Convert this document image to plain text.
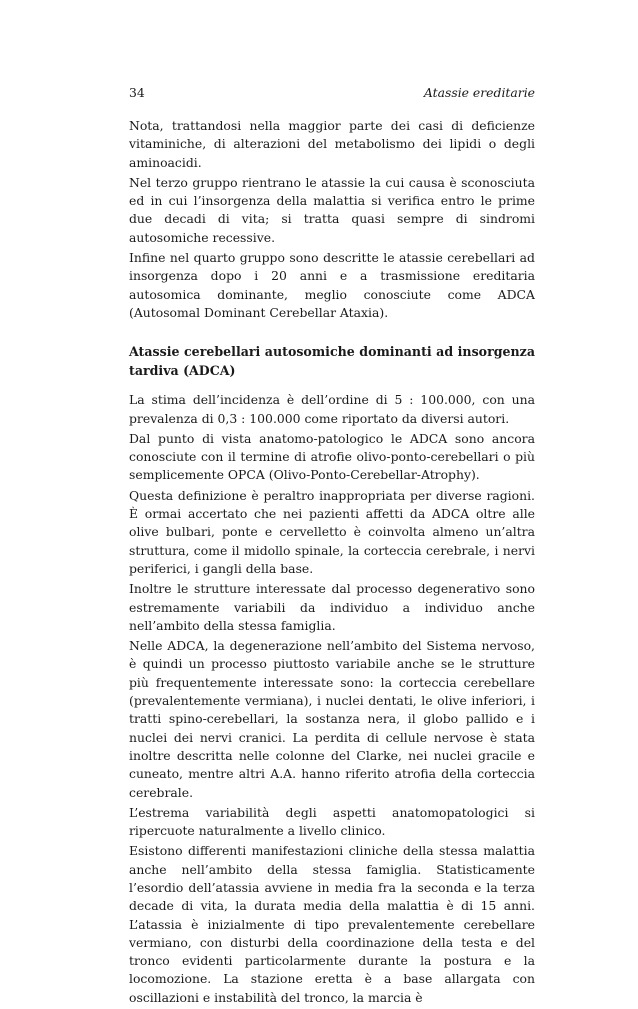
34	Atassie ereditarie

Nota, trattandosi nella maggior parte dei casi di deficienze vitaminiche, di alterazioni del metabolismo dei lipidi o degli aminoacidi.

Nel terzo gruppo rientrano le atassie la cui causa è sconosciuta ed in cui l’insorgenza della malattia si verifica entro le prime due decadi di vita; si tratta quasi sempre di sindromi autosomiche recessive.

Infine nel quarto gruppo sono descritte le atassie cerebellari ad insorgenza dopo i 20 anni e a trasmissione ereditaria autosomica dominante, meglio conosciute come ADCA (Autosomal Dominant Cerebellar Ataxia).

Atassie cerebellari autosomiche dominanti ad insorgenza tardiva (ADCA)

La stima dell’incidenza è dell’ordine di 5 : 100.000, con una prevalenza di 0,3 : 100.000 come riportato da diversi autori.

Dal punto di vista anatomo-patologico le ADCA sono ancora conosciute con il termine di atrofie olivo-ponto-cerebellari o più semplicemente OPCA (Olivo-Ponto-Cerebellar-Atrophy).

Questa definizione è peraltro inappropriata per diverse ragioni. È ormai accertato che nei pazienti affetti da ADCA oltre alle olive bulbari, ponte e cervelletto è coinvolta almeno un’altra struttura, come il midollo spinale, la corteccia cerebrale, i nervi periferici, i gangli della base.

Inoltre le strutture interessate dal processo degenerativo sono estremamente variabili da individuo a individuo anche nell’ambito della stessa famiglia.

Nelle ADCA, la degenerazione nell’ambito del Sistema nervoso, è quindi un processo piuttosto variabile anche se le strutture più frequentemente interessate sono: la corteccia cerebellare (prevalentemente vermiana), i nuclei dentati, le olive inferiori, i tratti spino-cerebellari, la sostanza nera, il globo pallido e i nuclei dei nervi cranici. La perdita di cellule nervose è stata inoltre descritta nelle colonne del Clarke, nei nuclei gracile e cuneato, mentre altri A.A. hanno riferito atrofia della corteccia cerebrale.

L’estrema variabilità degli aspetti anatomopatologici si ripercuote naturalmente a livello clinico.

Esistono differenti manifestazioni cliniche della stessa malattia anche nell’ambito della stessa famiglia. Statisticamente l’esordio dell’atassia avviene in media fra la seconda e la terza decade di vita, la durata media della malattia è di 15 anni. L’atassia è inizialmente di tipo prevalentemente cerebellare vermiano, con disturbi della coordinazione della testa e del tronco evidenti particolarmente durante la postura e la locomozione. La stazione eretta è a base allargata con oscillazioni e instabilità del tronco, la marcia è
